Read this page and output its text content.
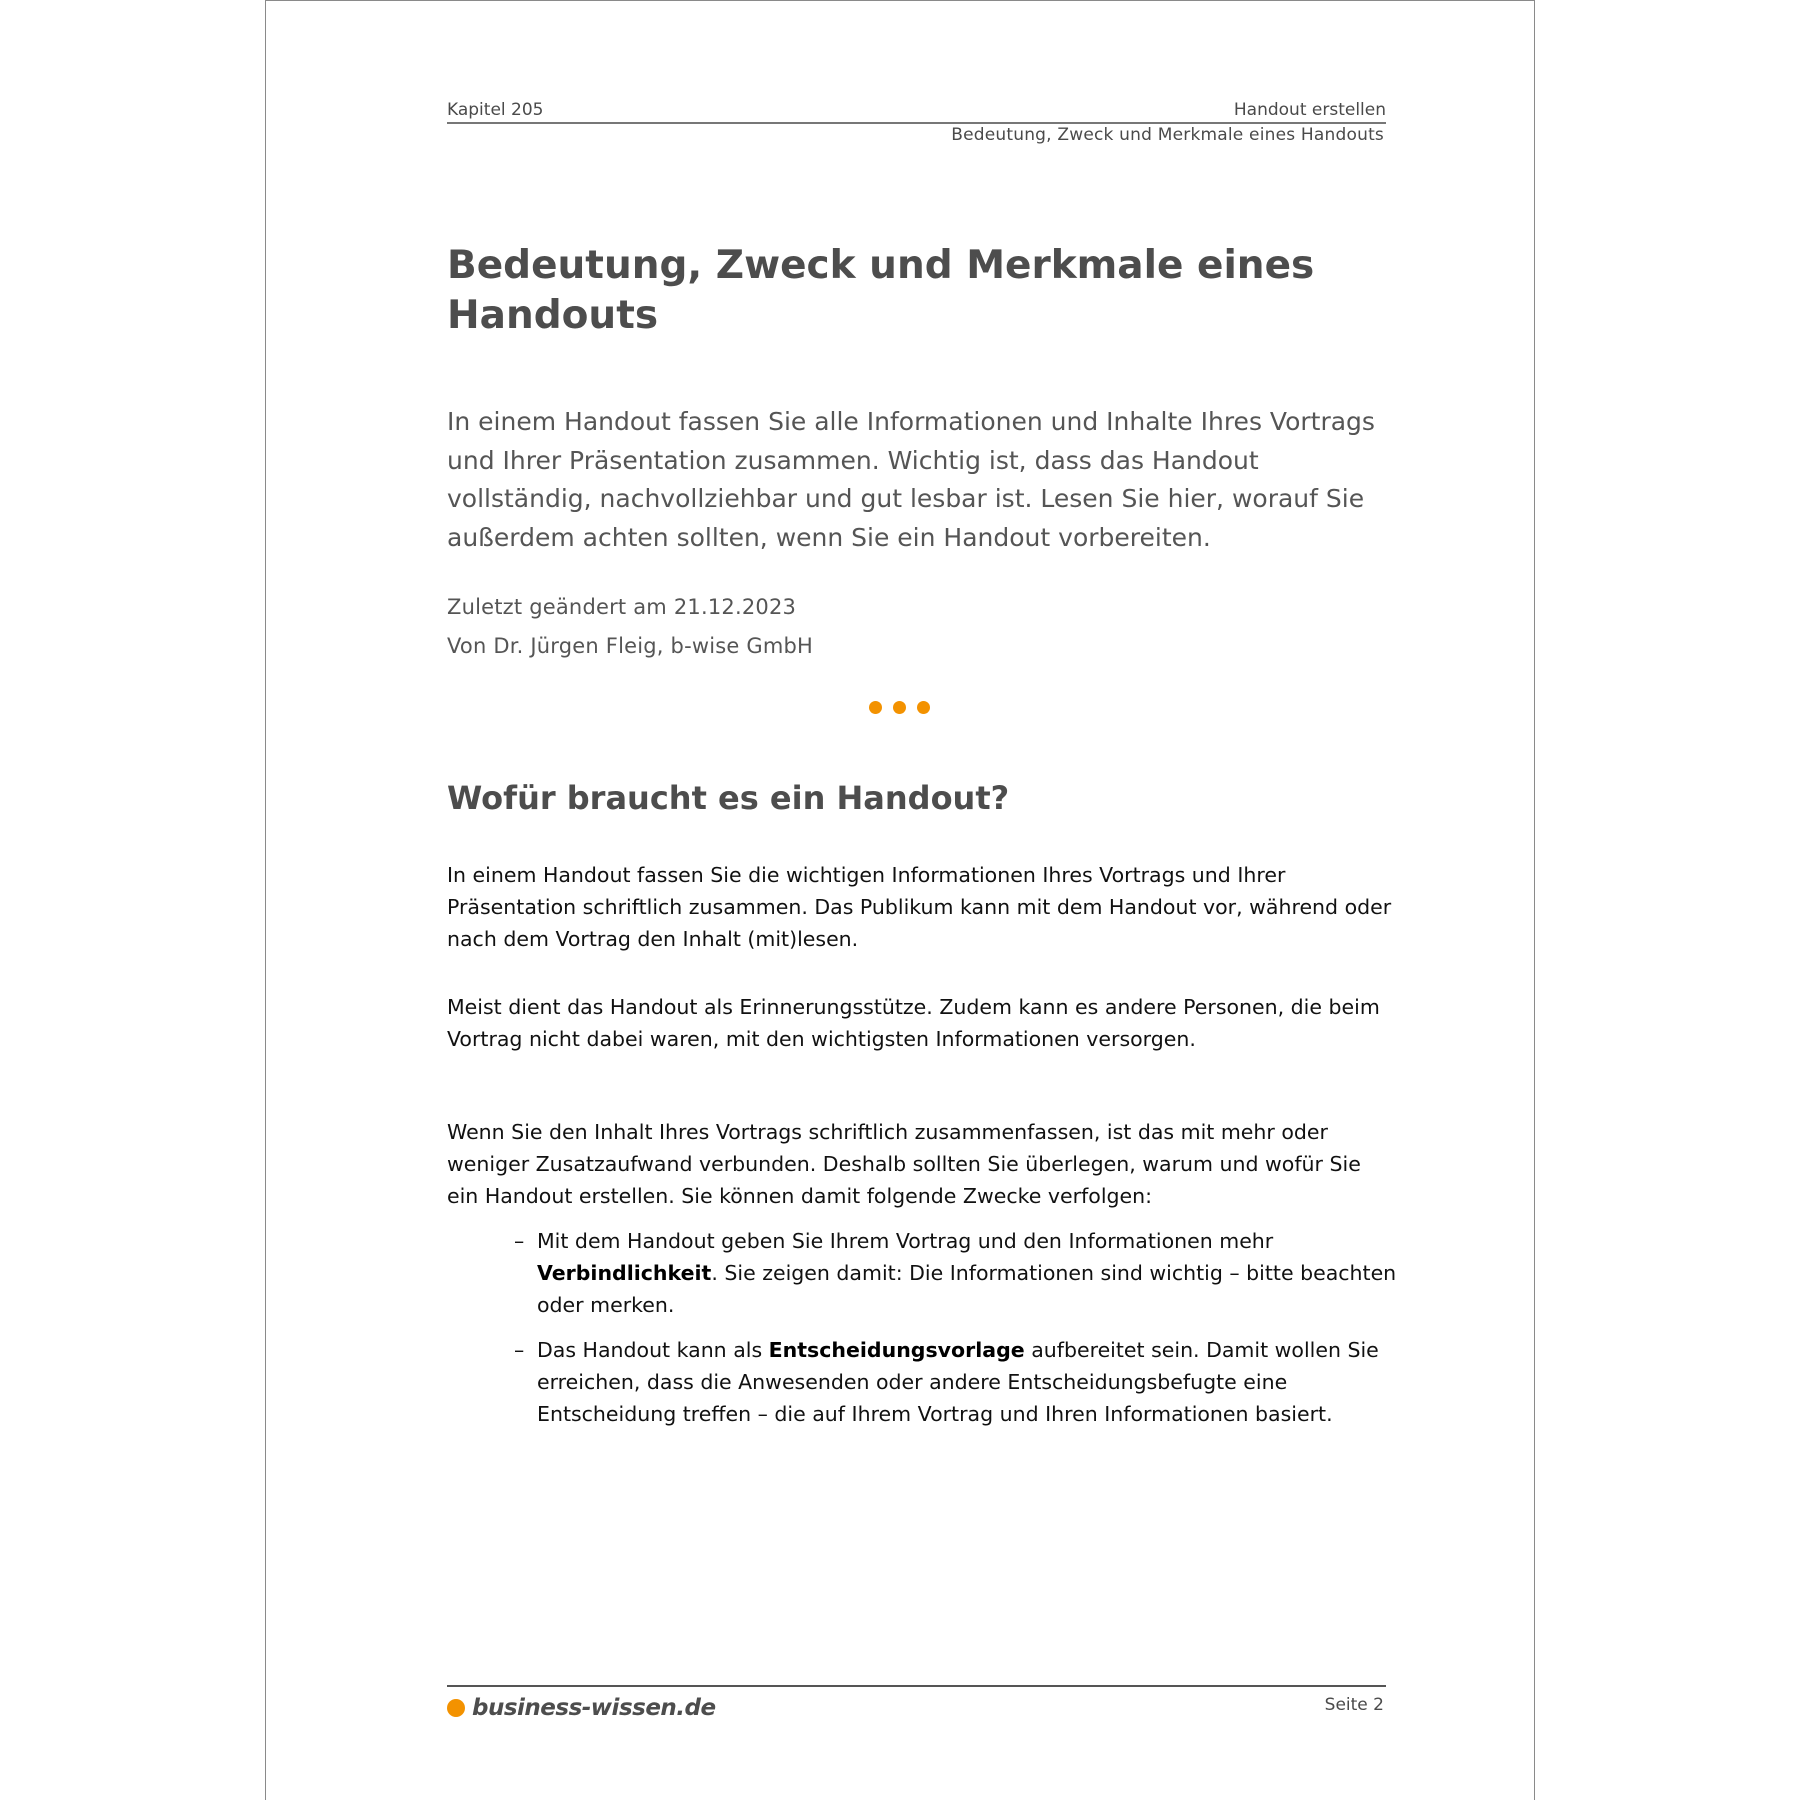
Kapitel 205	Handout erstellen
Bedeutung, Zweck und Merkmale eines Handouts
Bedeutung, Zweck und Merkmale eines Handouts

In einem Handout fassen Sie alle Informationen und Inhalte Ihres Vortrags und Ihrer Präsentation zusammen. Wichtig ist, dass das Handout vollständig, nachvollziehbar und gut lesbar ist. Lesen Sie hier, worauf Sie außerdem achten sollten, wenn Sie ein Handout vorbereiten.

Zuletzt geändert am 21.12.2023
Von Dr. Jürgen Fleig, b-wise GmbH
Wofür braucht es ein Handout?

In einem Handout fassen Sie die wichtigen Informationen Ihres Vortrags und Ihrer Präsentation schriftlich zusammen. Das Publikum kann mit dem Handout vor, während oder nach dem Vortrag den Inhalt (mit)lesen.

Meist dient das Handout als Erinnerungsstütze. Zudem kann es andere Personen, die beim Vortrag nicht dabei waren, mit den wichtigsten Informationen versorgen.

Wenn Sie den Inhalt Ihres Vortrags schriftlich zusammenfassen, ist das mit mehr oder weniger Zusatzaufwand verbunden. Deshalb sollten Sie überlegen, warum und wofür Sie ein Handout erstellen. Sie können damit folgende Zwecke verfolgen:

– Mit dem Handout geben Sie Ihrem Vortrag und den Informationen mehr Verbindlichkeit. Sie zeigen damit: Die Informationen sind wichtig – bitte beachten oder merken.
– Das Handout kann als Entscheidungsvorlage aufbereitet sein. Damit wollen Sie erreichen, dass die Anwesenden oder andere Entscheidungsbefugte eine Entscheidung treffen – die auf Ihrem Vortrag und Ihren Informationen basiert.
business-wissen.de	Seite 2
